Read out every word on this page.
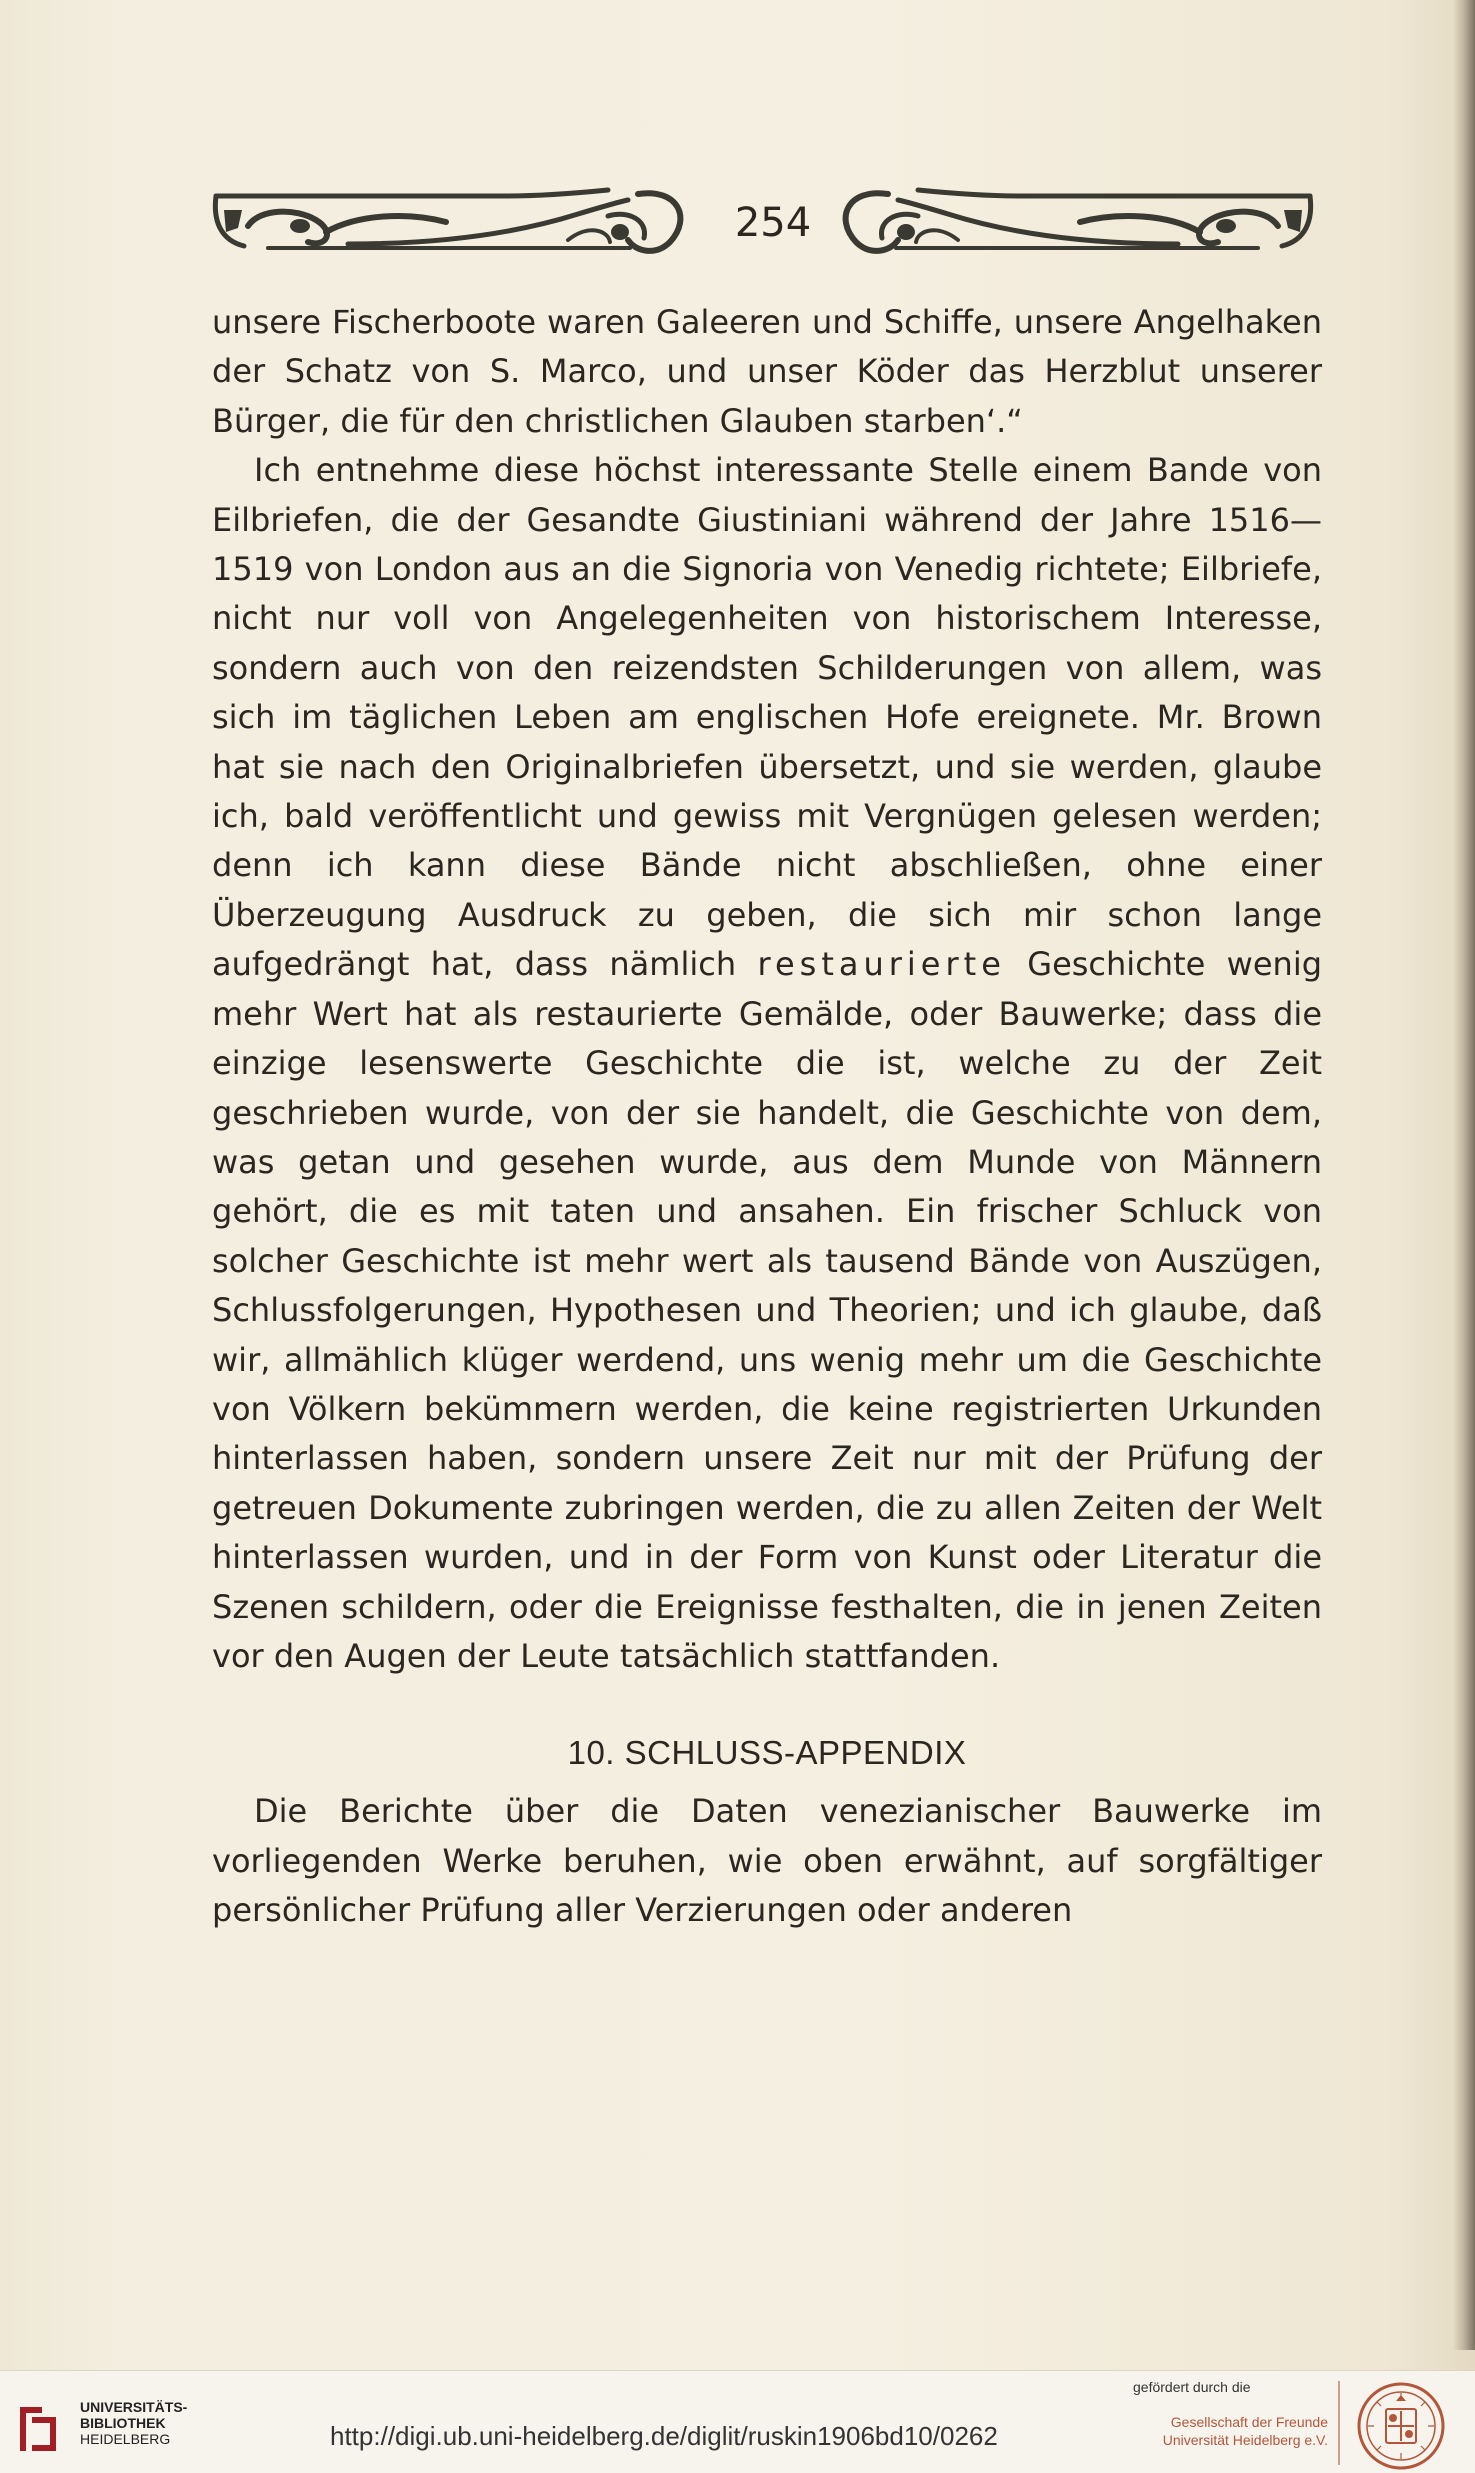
254

unsere Fischerboote waren Galeeren und Schiffe, unsere Angelhaken der Schatz von S. Marco, und unser Köder das Herzblut unserer Bürger, die für den christlichen Glauben starben‘.“

Ich entnehme diese höchst interessante Stelle einem Bande von Eilbriefen, die der Gesandte Giustiniani während der Jahre 1516—1519 von London aus an die Signoria von Venedig richtete; Eilbriefe, nicht nur voll von Angelegenheiten von historischem Interesse, sondern auch von den reizendsten Schilderungen von allem, was sich im täglichen Leben am englischen Hofe ereignete. Mr. Brown hat sie nach den Originalbriefen übersetzt, und sie werden, glaube ich, bald veröffentlicht und gewiss mit Vergnügen gelesen werden; denn ich kann diese Bände nicht abschließen, ohne einer Überzeugung Ausdruck zu geben, die sich mir schon lange aufgedrängt hat, dass nämlich restaurierte Geschichte wenig mehr Wert hat als restaurierte Gemälde, oder Bauwerke; dass die einzige lesenswerte Geschichte die ist, welche zu der Zeit geschrieben wurde, von der sie handelt, die Geschichte von dem, was getan und gesehen wurde, aus dem Munde von Männern gehört, die es mit taten und ansahen. Ein frischer Schluck von solcher Geschichte ist mehr wert als tausend Bände von Auszügen, Schlussfolgerungen, Hypothesen und Theorien; und ich glaube, daß wir, allmählich klüger werdend, uns wenig mehr um die Geschichte von Völkern bekümmern werden, die keine registrierten Urkunden hinterlassen haben, sondern unsere Zeit nur mit der Prüfung der getreuen Dokumente zubringen werden, die zu allen Zeiten der Welt hinterlassen wurden, und in der Form von Kunst oder Literatur die Szenen schildern, oder die Ereignisse festhalten, die in jenen Zeiten vor den Augen der Leute tatsächlich stattfanden.

10. SCHLUSS-APPENDIX

Die Berichte über die Daten venezianischer Bauwerke im vorliegenden Werke beruhen, wie oben erwähnt, auf sorgfältiger persönlicher Prüfung aller Verzierungen oder anderen

UNIVERSITÄTS-
BIBLIOTHEK
HEIDELBERG	http://digi.ub.uni-heidelberg.de/diglit/ruskin1906bd10/0262
gefördert durch die
Gesellschaft der Freunde
Universität Heidelberg e.V.
